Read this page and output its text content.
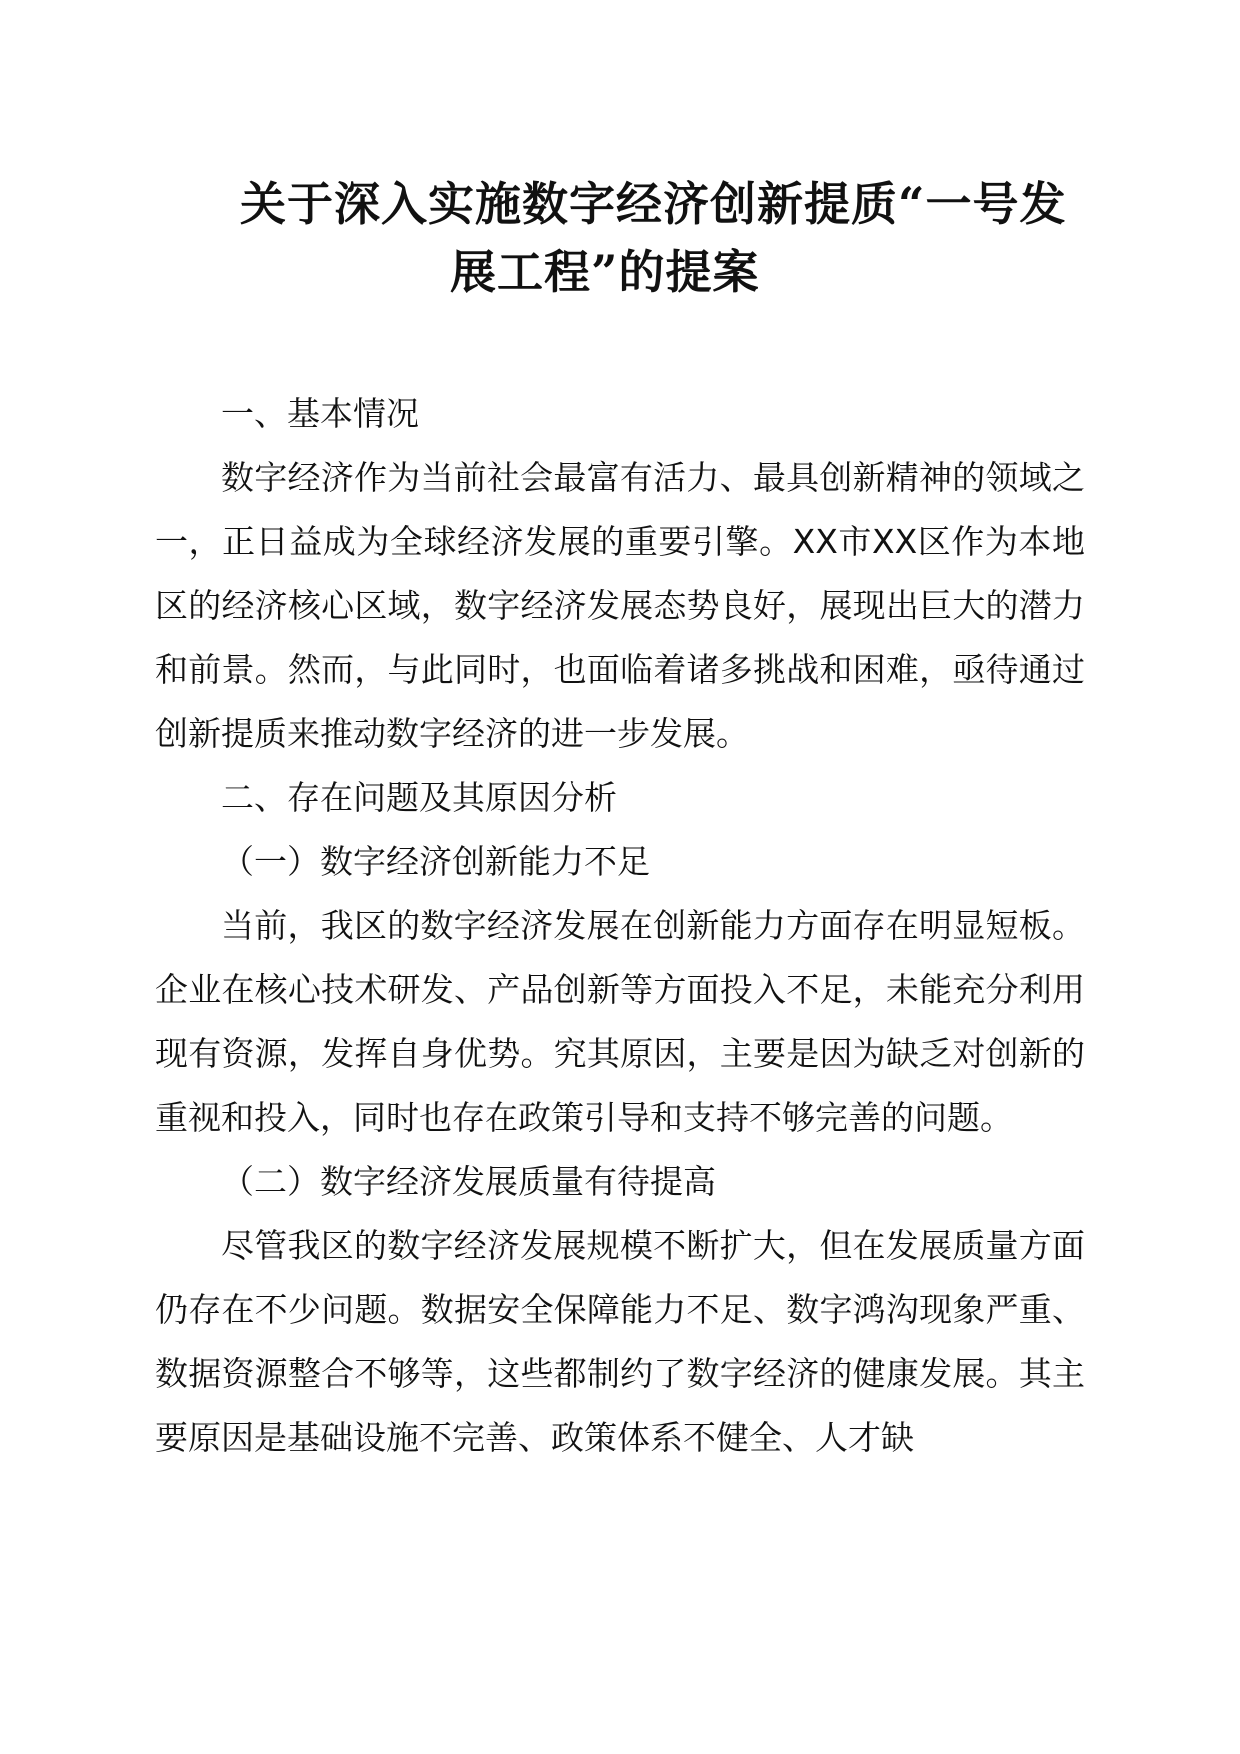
关于深入实施数字经济创新提质“一号发
展工程”的提案

一、基本情况

数字经济作为当前社会最富有活力、最具创新精神的领域之一，正日益成为全球经济发展的重要引擎。XX市XX区作为本地区的经济核心区域，数字经济发展态势良好，展现出巨大的潜力和前景。然而，与此同时，也面临着诸多挑战和困难，亟待通过创新提质来推动数字经济的进一步发展。

二、存在问题及其原因分析

（一）数字经济创新能力不足

当前，我区的数字经济发展在创新能力方面存在明显短板。企业在核心技术研发、产品创新等方面投入不足，未能充分利用现有资源，发挥自身优势。究其原因，主要是因为缺乏对创新的重视和投入，同时也存在政策引导和支持不够完善的问题。

（二）数字经济发展质量有待提高

尽管我区的数字经济发展规模不断扩大，但在发展质量方面仍存在不少问题。数据安全保障能力不足、数字鸿沟现象严重、数据资源整合不够等，这些都制约了数字经济的健康发展。其主要原因是基础设施不完善、政策体系不健全、人才缺
